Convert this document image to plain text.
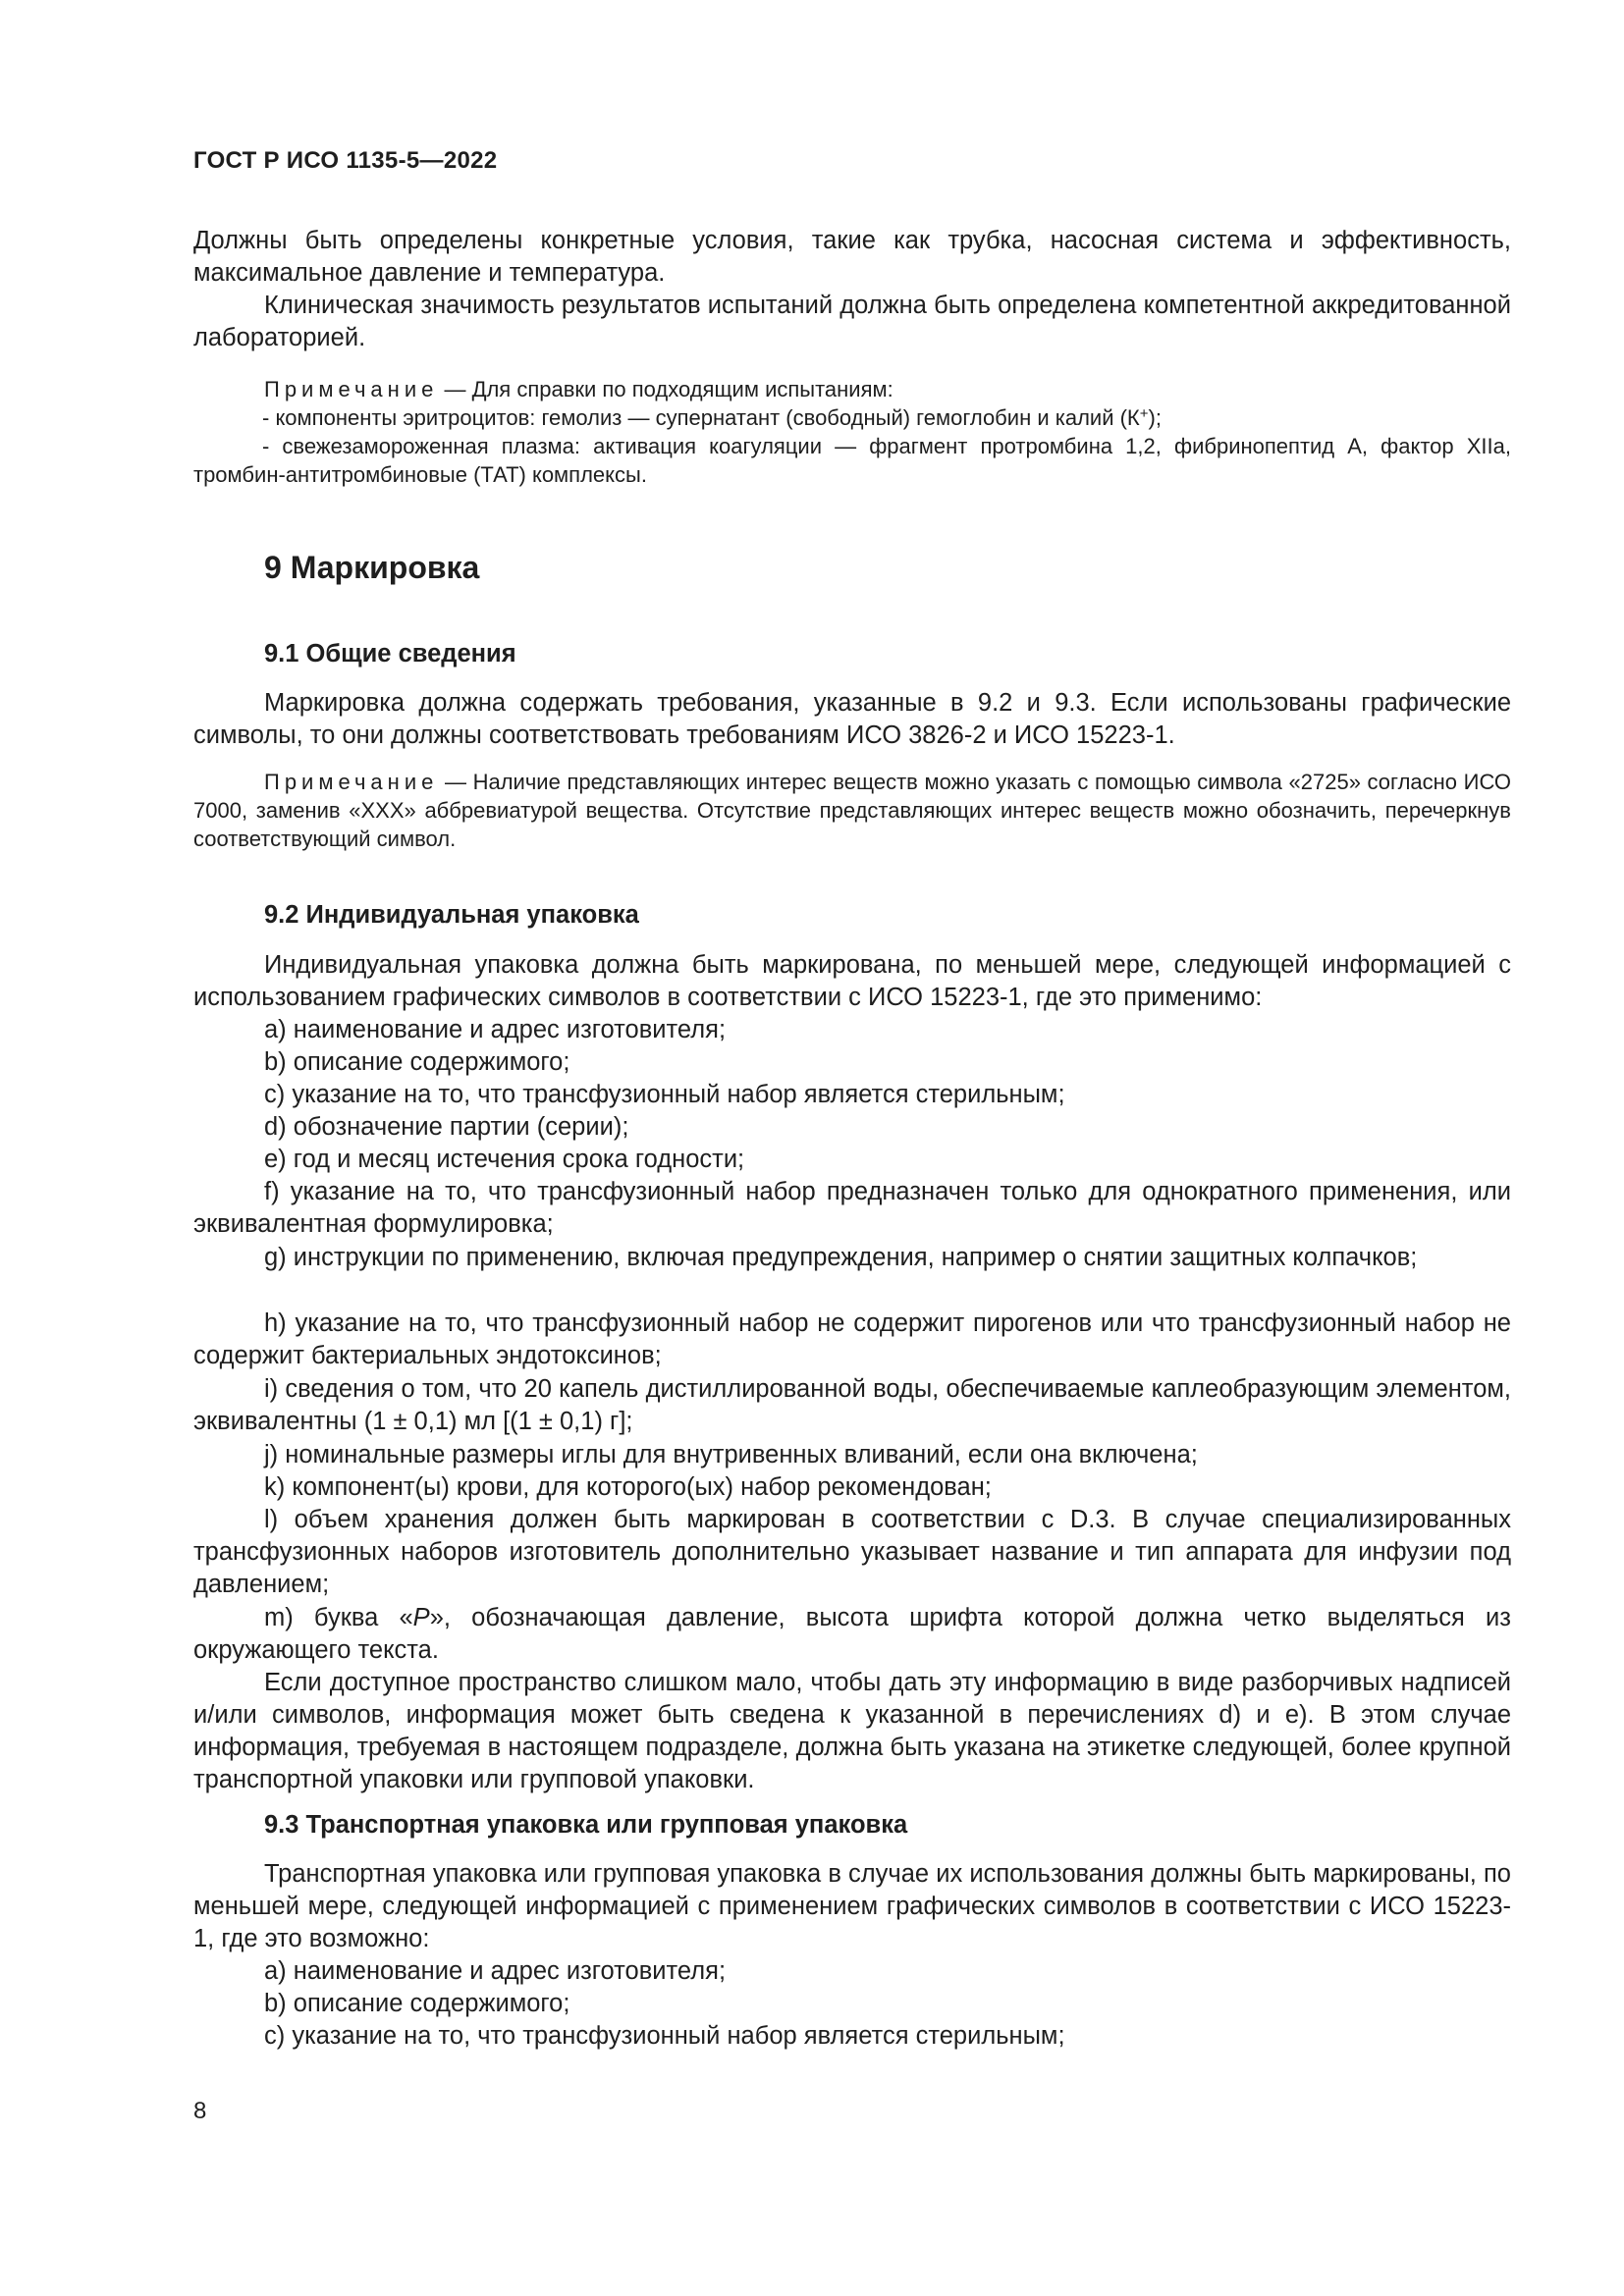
ГОСТ Р ИСО 1135-5—2022

Должны быть определены конкретные условия, такие как трубка, насосная система и эффективность, максимальное давление и температура.

Клиническая значимость результатов испытаний должна быть определена компетентной аккредитованной лабораторией.

Примечание — Для справки по подходящим испытаниям:
- компоненты эритроцитов: гемолиз — супернатант (свободный) гемоглобин и калий (К+);

- свежезамороженная плазма: активация коагуляции — фрагмент протромбина 1,2, фибринопептид А, фактор XIIa, тромбин-антитромбиновые (ТАТ) комплексы.

9 Маркировка
9.1 Общие сведения

Маркировка должна содержать требования, указанные в 9.2 и 9.3. Если использованы графические символы, то они должны соответствовать требованиям ИСО 3826-2 и ИСО 15223-1.

Примечание — Наличие представляющих интерес веществ можно указать с помощью символа «2725» согласно ИСО 7000, заменив «XXX» аббревиатурой вещества. Отсутствие представляющих интерес веществ можно обозначить, перечеркнув соответствующий символ.
9.2 Индивидуальная упаковка

Индивидуальная упаковка должна быть маркирована, по меньшей мере, следующей информацией с использованием графических символов в соответствии с ИСО 15223-1, где это применимо:

a) наименование и адрес изготовителя;
b) описание содержимого;
c) указание на то, что трансфузионный набор является стерильным;
d) обозначение партии (серии);
e) год и месяц истечения срока годности;

f) указание на то, что трансфузионный набор предназначен только для однократного применения, или эквивалентная формулировка;

g) инструкции по применению, включая предупреждения, например о снятии защитных колпачков;

h) указание на то, что трансфузионный набор не содержит пирогенов или что трансфузионный набор не содержит бактериальных эндотоксинов;

i) сведения о том, что 20 капель дистиллированной воды, обеспечиваемые каплеобразующим элементом, эквивалентны (1 ± 0,1) мл [(1 ± 0,1) г];

j) номинальные размеры иглы для внутривенных вливаний, если она включена;
k) компонент(ы) крови, для которого(ых) набор рекомендован;

l) объем хранения должен быть маркирован в соответствии с D.3. В случае специализированных трансфузионных наборов изготовитель дополнительно указывает название и тип аппарата для инфузии под давлением;

m) буква «P», обозначающая давление, высота шрифта которой должна четко выделяться из окружающего текста.

Если доступное пространство слишком мало, чтобы дать эту информацию в виде разборчивых надписей и/или символов, информация может быть сведена к указанной в перечислениях d) и e). В этом случае информация, требуемая в настоящем подразделе, должна быть указана на этикетке следующей, более крупной транспортной упаковки или групповой упаковки.

9.3 Транспортная упаковка или групповая упаковка

Транспортная упаковка или групповая упаковка в случае их использования должны быть маркированы, по меньшей мере, следующей информацией с применением графических символов в соответствии с ИСО 15223-1, где это возможно:

a) наименование и адрес изготовителя;
b) описание содержимого;
c) указание на то, что трансфузионный набор является стерильным;
8
